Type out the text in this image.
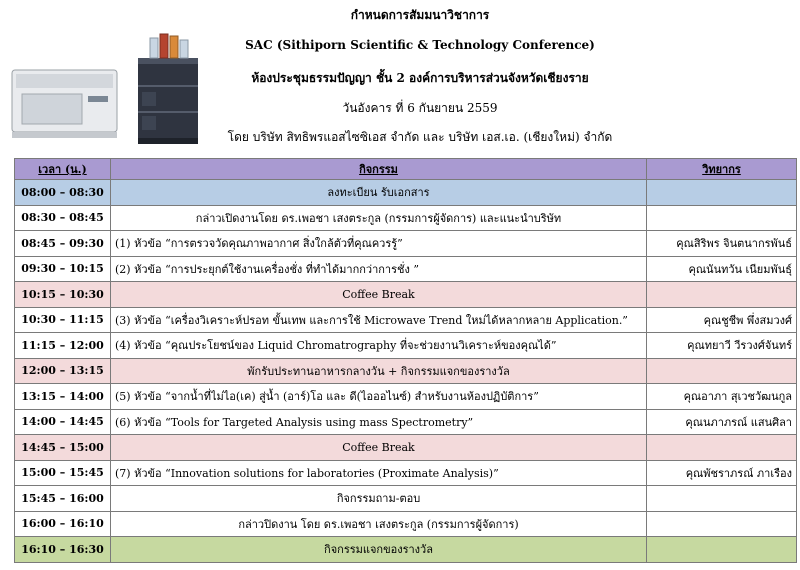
กำหนดการสัมมนาวิชาการ
SAC (Sithiporn Scientific & Technology Conference)
ห้องประชุมธรรมปัญญา ชั้น 2 องค์การบริหารส่วนจังหวัดเชียงราย
วันอังคาร ที่ 6 กันยายน 2559
โดย บริษัท สิทธิพรแอสไซซิเอส จำกัด และ บริษัท เอส.เอ. (เชียงใหม่) จำกัด
เวลา (น.)	กิจกรรม	วิทยากร
08:00 – 08:30	ลงทะเบียน รับเอกสาร	
08:30 – 08:45	กล่าวเปิดงานโดย ดร.เพอชา เสงตระกูล (กรรมการผู้จัดการ) และแนะนำบริษัท	
08:45 – 09:30	(1) หัวข้อ “การตรวจวัดคุณภาพอากาศ สิ่งใกล้ตัวที่คุณควรรู้”	คุณสิริพร จินตนากรพันธ์
09:30 – 10:15	(2) หัวข้อ “การประยุกต์ใช้งานเครื่องชั่ง ที่ทำได้มากกว่าการชั่ง ”	คุณนันทวัน เนียมพันธุ์
10:15 – 10:30	Coffee Break	
10:30 – 11:15	(3) หัวข้อ “เครื่องวิเคราะห์ปรอท ขั้นเทพ และการใช้ Microwave Trend ใหม่ได้หลากหลาย Application.”	คุณชูชีพ พึ่งสมวงศ์
11:15 – 12:00	(4) หัวข้อ “คุณประโยชน์ของ Liquid Chromatrography ที่จะช่วยงานวิเคราะห์ของคุณได้”	คุณทยาวี วีรวงศ์จันทร์
12:00 – 13:15	พักรับประทานอาหารกลางวัน + กิจกรรมแจกของรางวัล	
13:15 – 14:00	(5) หัวข้อ “จากน้ำที่ไม่ไอ(เค) สู่น้ำ (อาร์)โอ และ ดี(ไอออไนซ์) สำหรับงานห้องปฏิบัติการ”	คุณอาภา สุเวชวัฒนกูล
14:00 – 14:45	(6) หัวข้อ “Tools for Targeted Analysis using mass Spectrometry”	คุณนภาภรณ์ แสนศิลา
14:45 – 15:00	Coffee Break	
15:00 – 15:45	(7) หัวข้อ “Innovation solutions for laboratories (Proximate Analysis)”	คุณพัชราภรณ์ ภาเรือง
15:45 – 16:00	กิจกรรมถาม-ตอบ	
16:00 – 16:10	กล่าวปิดงาน โดย ดร.เพอชา เสงตระกูล (กรรมการผู้จัดการ)	
16:10 – 16:30	กิจกรรมแจกของรางวัล	
